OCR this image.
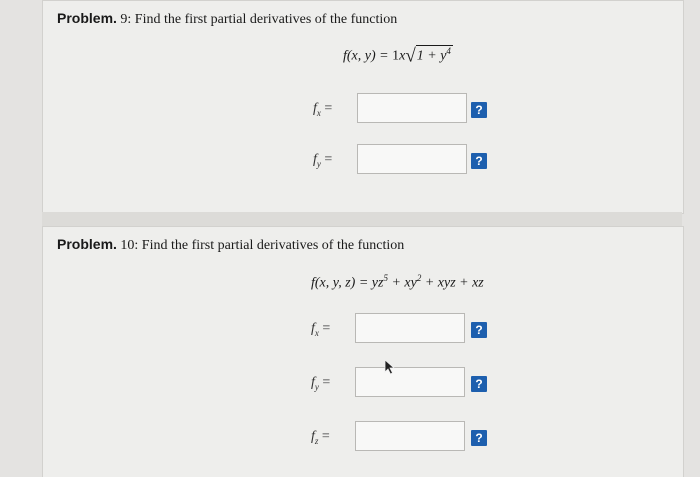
Problem. 9: Find the first partial derivatives of the function
f(x, $y) = 1x√1 + y^4$
$f_x$ =	?
$f_y$ =	?
Problem. 10: Find the first partial derivatives of the function
f(x, y, $z) = yz^5 + xy^2$ + xyz + xz
$f_x$ =	?
$f_y$ =	?
$f_z$ =	?
